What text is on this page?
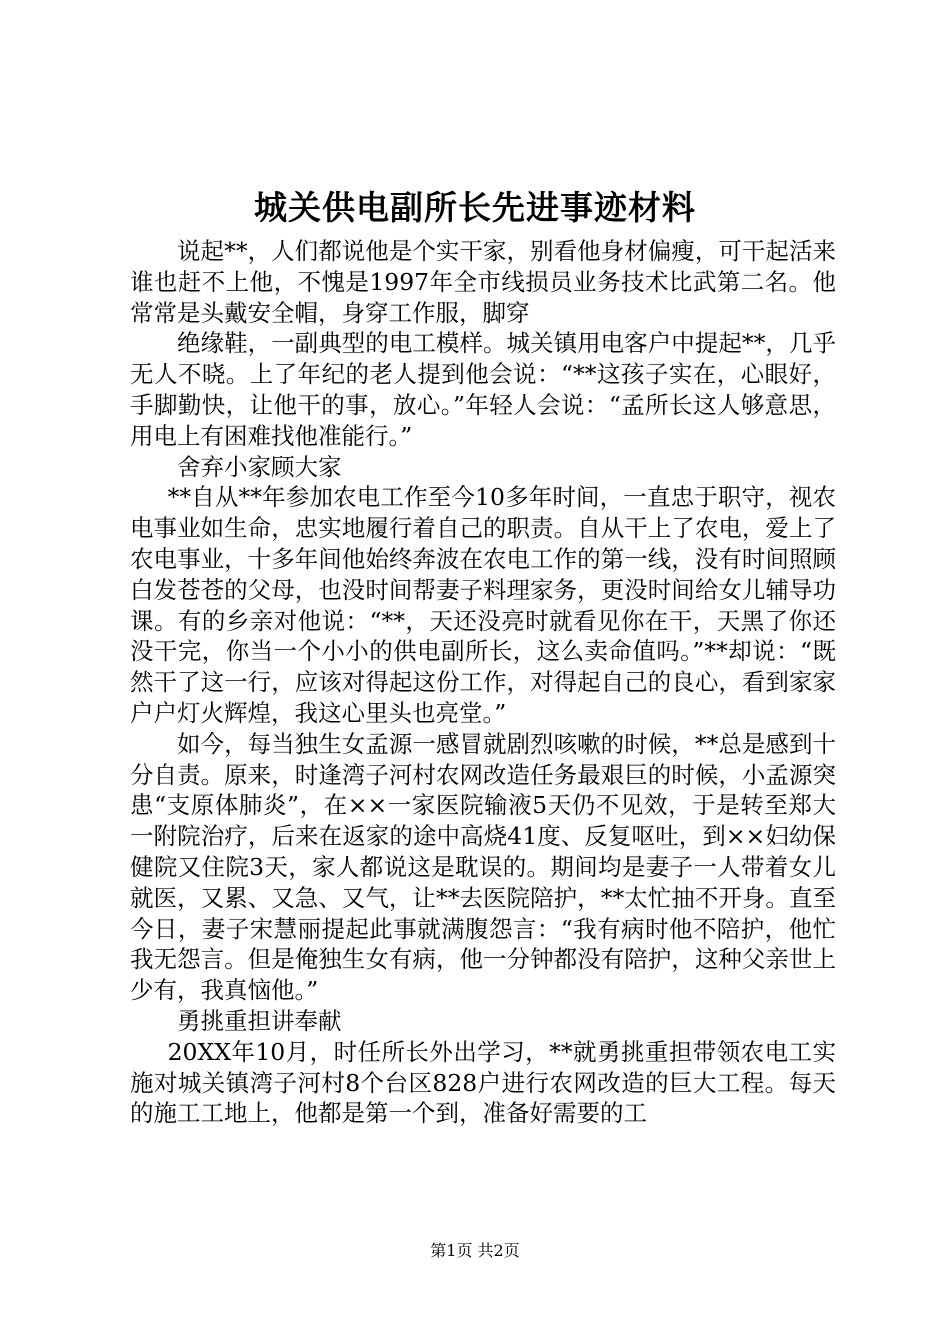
城关供电副所长先进事迹材料

说起**，人们都说他是个实干家，别看他身材偏瘦，可干起活来谁也赶不上他，不愧是1997年全市线损员业务技术比武第二名。他常常是头戴安全帽，身穿工作服，脚穿

绝缘鞋，一副典型的电工模样。城关镇用电客户中提起**，几乎无人不晓。上了年纪的老人提到他会说：“**这孩子实在，心眼好，手脚勤快，让他干的事，放心。”年轻人会说：“孟所长这人够意思，用电上有困难找他准能行。”

舍弃小家顾大家

**自从**年参加农电工作至今10多年时间，一直忠于职守，视农电事业如生命，忠实地履行着自己的职责。自从干上了农电，爱上了农电事业，十多年间他始终奔波在农电工作的第一线，没有时间照顾白发苍苍的父母，也没时间帮妻子料理家务，更没时间给女儿辅导功课。有的乡亲对他说：“**，天还没亮时就看见你在干，天黑了你还没干完，你当一个小小的供电副所长，这么卖命值吗。”**却说：“既然干了这一行，应该对得起这份工作，对得起自己的良心，看到家家户户灯火辉煌，我这心里头也亮堂。”

如今，每当独生女孟源一感冒就剧烈咳嗽的时候，**总是感到十分自责。原来，时逢湾子河村农网改造任务最艰巨的时候，小孟源突患“支原体肺炎”，在××一家医院输液5天仍不见效，于是转至郑大一附院治疗，后来在返家的途中高烧41度、反复呕吐，到××妇幼保健院又住院3天，家人都说这是耽误的。期间均是妻子一人带着女儿就医，又累、又急、又气，让**去医院陪护，**太忙抽不开身。直至今日，妻子宋慧丽提起此事就满腹怨言：“我有病时他不陪护，他忙我无怨言。但是俺独生女有病，他一分钟都没有陪护，这种父亲世上少有，我真恼他。”

勇挑重担讲奉献

20XX年10月，时任所长外出学习，**就勇挑重担带领农电工实施对城关镇湾子河村8个台区828户进行农网改造的巨大工程。每天的施工工地上，他都是第一个到，准备好需要的工

第1页 共2页
